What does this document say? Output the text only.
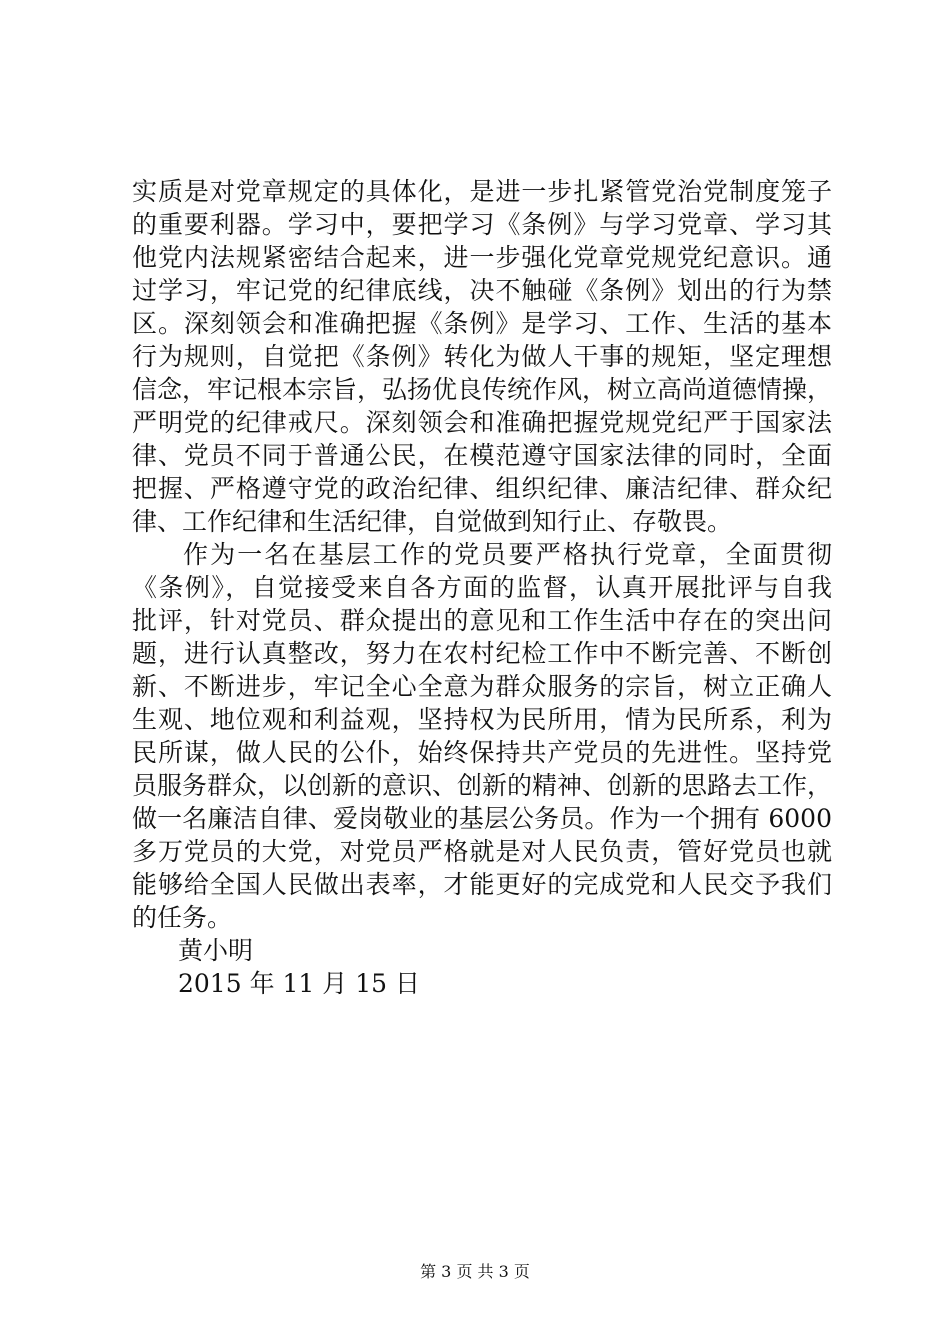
实质是对党章规定的具体化，是进一步扎紧管党治党制度笼子
的重要利器。学习中，要把学习《条例》与学习党章、学习其
他党内法规紧密结合起来，进一步强化党章党规党纪意识。通
过学习，牢记党的纪律底线，决不触碰《条例》划出的行为禁
区。深刻领会和准确把握《条例》是学习、工作、生活的基本
行为规则，自觉把《条例》转化为做人干事的规矩，坚定理想
信念，牢记根本宗旨，弘扬优良传统作风，树立高尚道德情操，
严明党的纪律戒尺。深刻领会和准确把握党规党纪严于国家法
律、党员不同于普通公民，在模范遵守国家法律的同时，全面
把握、严格遵守党的政治纪律、组织纪律、廉洁纪律、群众纪
律、工作纪律和生活纪律，自觉做到知行止、存敬畏。
作为一名在基层工作的党员要严格执行党章，全面贯彻
《条例》，自觉接受来自各方面的监督，认真开展批评与自我
批评，针对党员、群众提出的意见和工作生活中存在的突出问
题，进行认真整改，努力在农村纪检工作中不断完善、不断创
新、不断进步，牢记全心全意为群众服务的宗旨，树立正确人
生观、地位观和利益观，坚持权为民所用，情为民所系，利为
民所谋，做人民的公仆，始终保持共产党员的先进性。坚持党
员服务群众，以创新的意识、创新的精神、创新的思路去工作，
做一名廉洁自律、爱岗敬业的基层公务员。作为一个拥有 6000
多万党员的大党，对党员严格就是对人民负责，管好党员也就
能够给全国人民做出表率，才能更好的完成党和人民交予我们
的任务。
黄小明
2015 年 11 月 15 日
第 3 页 共 3 页
